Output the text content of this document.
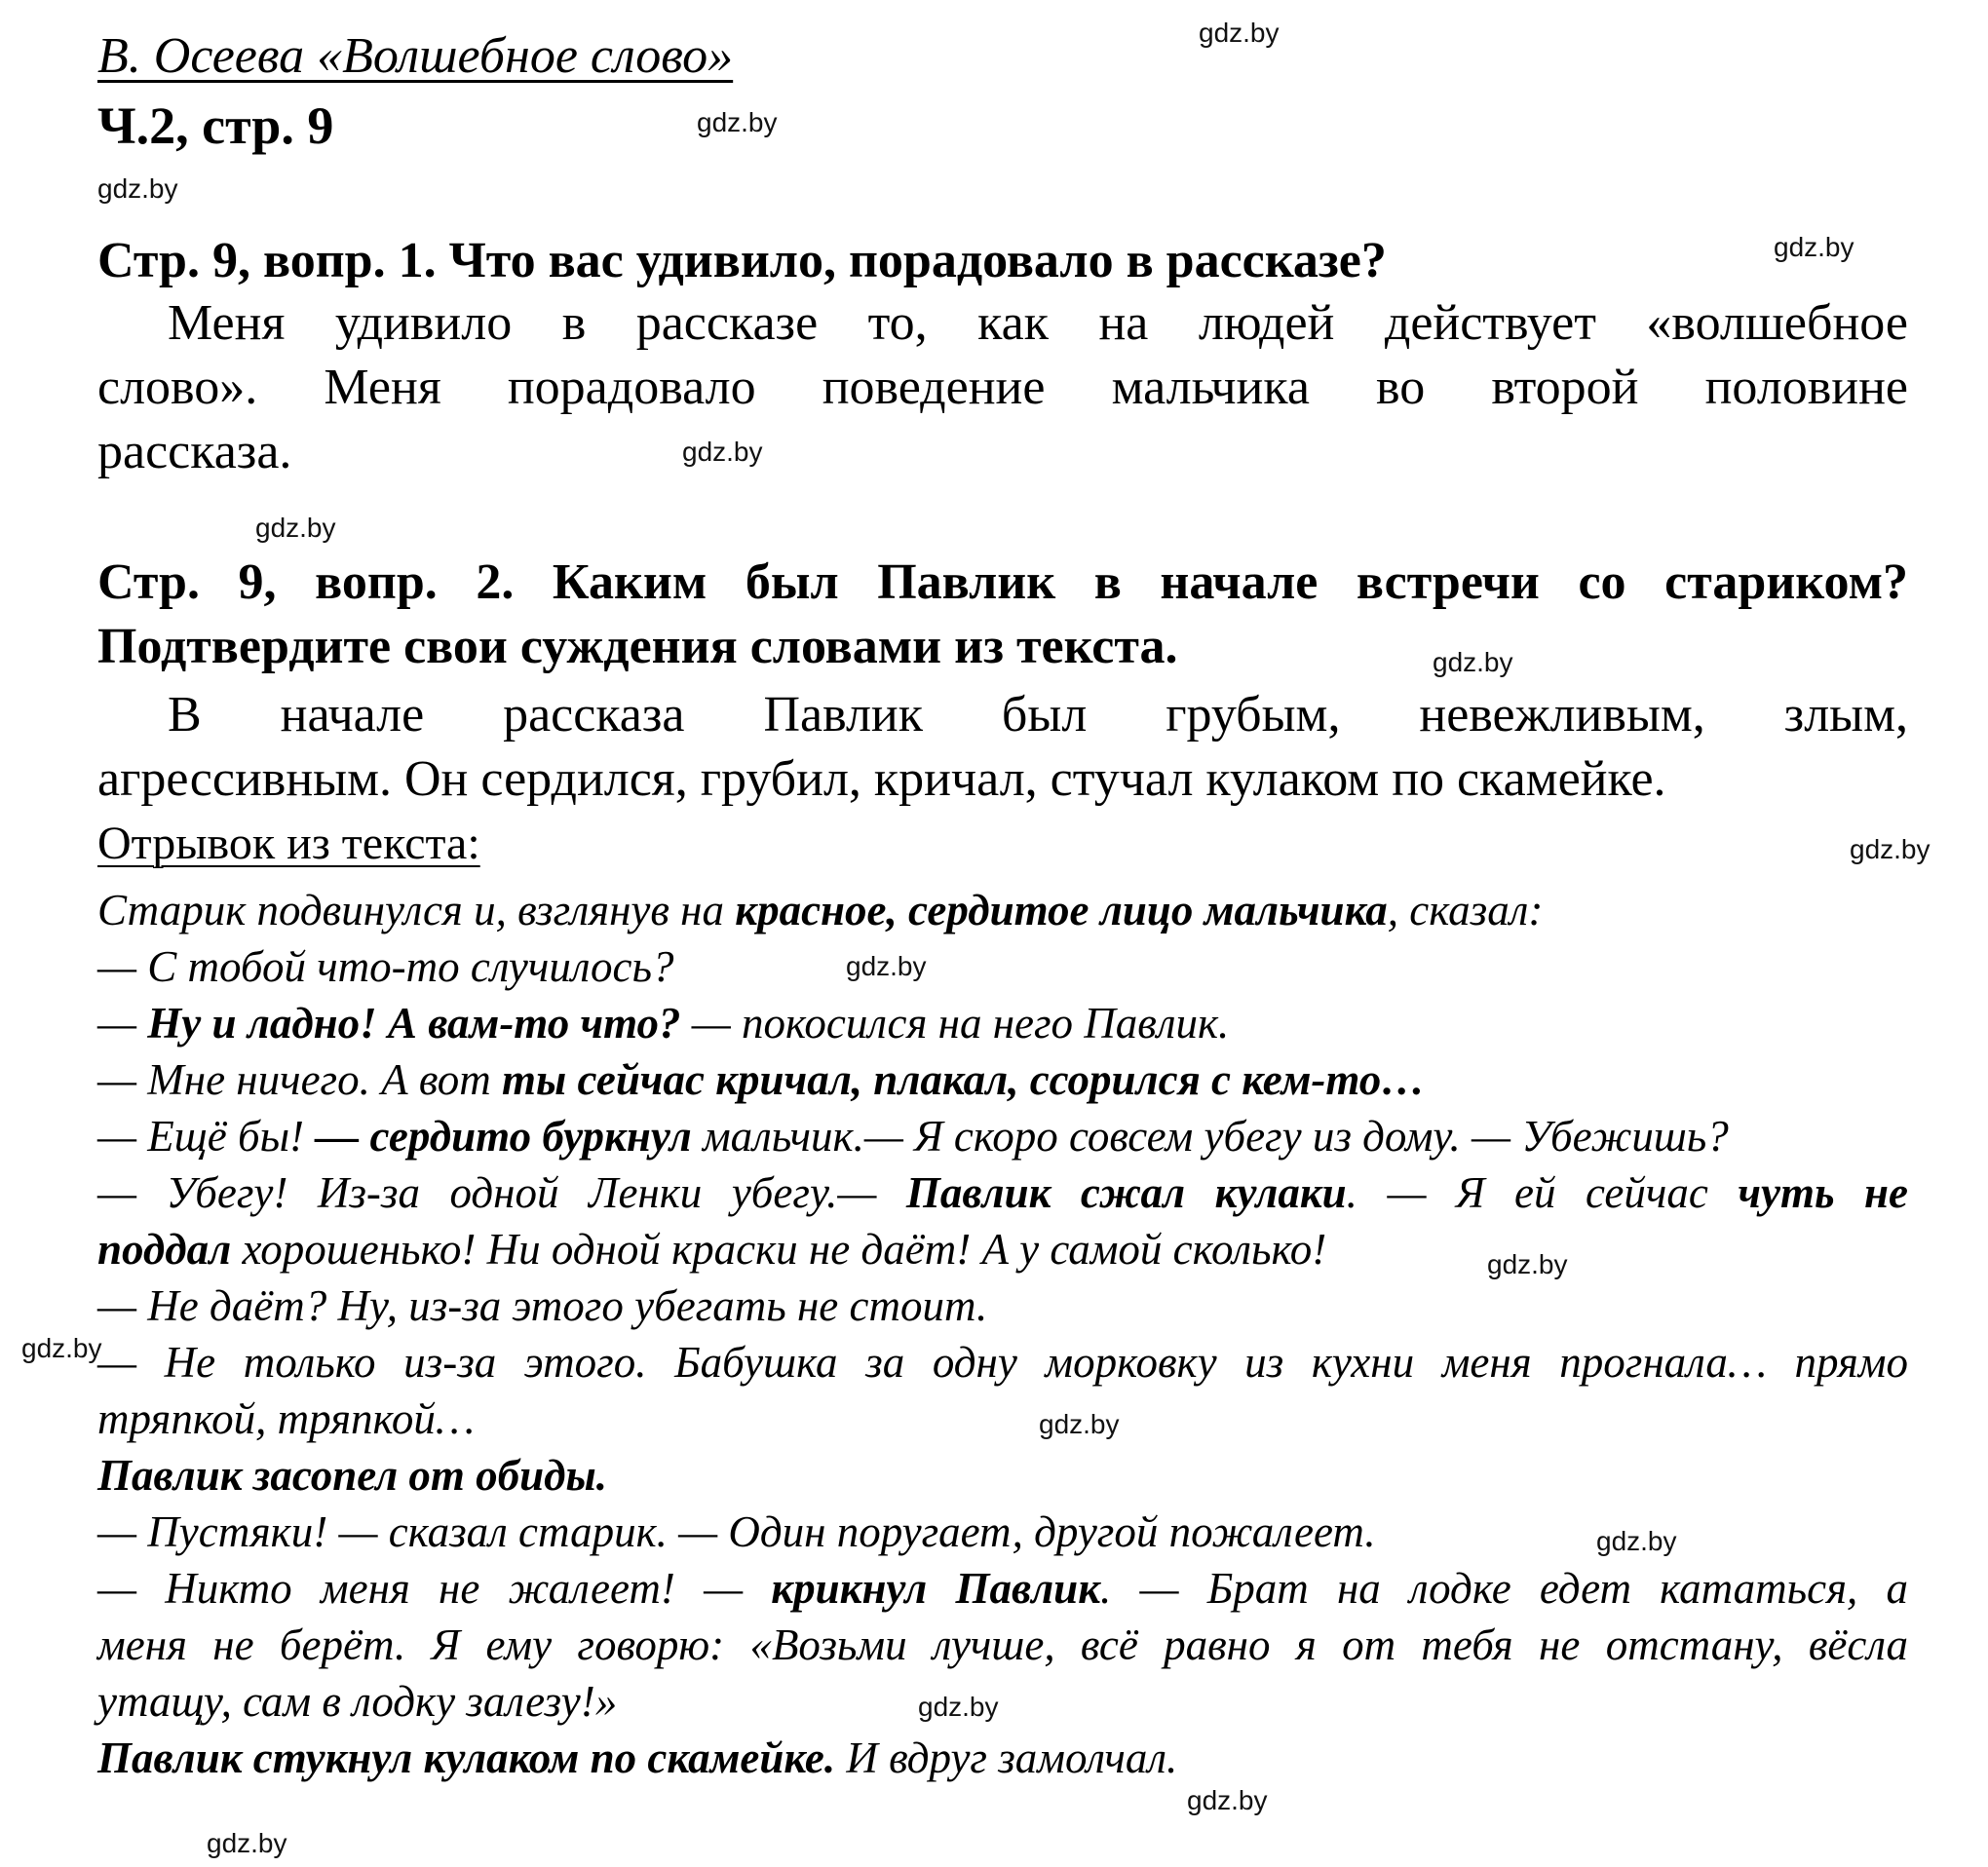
В. Осеева «Волшебное слово»
Ч.2, стр. 9
Стр. 9, вопр. 1. Что вас удивило, порадовало в рассказе?
Меня удивило в рассказе то, как на людей действует «волшебное
слово». Меня порадовало поведение мальчика во второй половине
рассказа.
Стр. 9, вопр. 2. Каким был Павлик в начале встречи со стариком?
Подтвердите свои суждения словами из текста.
В начале рассказа Павлик был грубым, невежливым, злым,
агрессивным. Он сердился, грубил, кричал, стучал кулаком по скамейке.
Отрывок из текста:
Старик подвинулся и, взглянув на красное, сердитое лицо мальчика, сказал:
— С тобой что-то случилось?
— Ну и ладно! А вам-то что? — покосился на него Павлик.
— Мне ничего. А вот ты сейчас кричал, плакал, ссорился с кем-то…
— Ещё бы! — сердито буркнул мальчик.— Я скоро совсем убегу из дому. — Убежишь?
— Убегу! Из-за одной Ленки убегу.— Павлик сжал кулаки. — Я ей сейчас чуть не
поддал хорошенько! Ни одной краски не даёт! А у самой сколько!
— Не даёт? Ну, из-за этого убегать не стоит.
— Не только из-за этого. Бабушка за одну морковку из кухни меня прогнала… прямо
тряпкой, тряпкой…
Павлик засопел от обиды.
— Пустяки! — сказал старик. — Один поругает, другой пожалеет.
— Никто меня не жалеет! — крикнул Павлик. — Брат на лодке едет кататься, а
меня не берёт. Я ему говорю: «Возьми лучше, всё равно я от тебя не отстану, вёсла
утащу, сам в лодку залезу!»
Павлик стукнул кулаком по скамейке. И вдруг замолчал.
gdz.by
gdz.by
gdz.by
gdz.by
gdz.by
gdz.by
gdz.by
gdz.by
gdz.by
gdz.by
gdz.by
gdz.by
gdz.by
gdz.by
gdz.by
gdz.by
